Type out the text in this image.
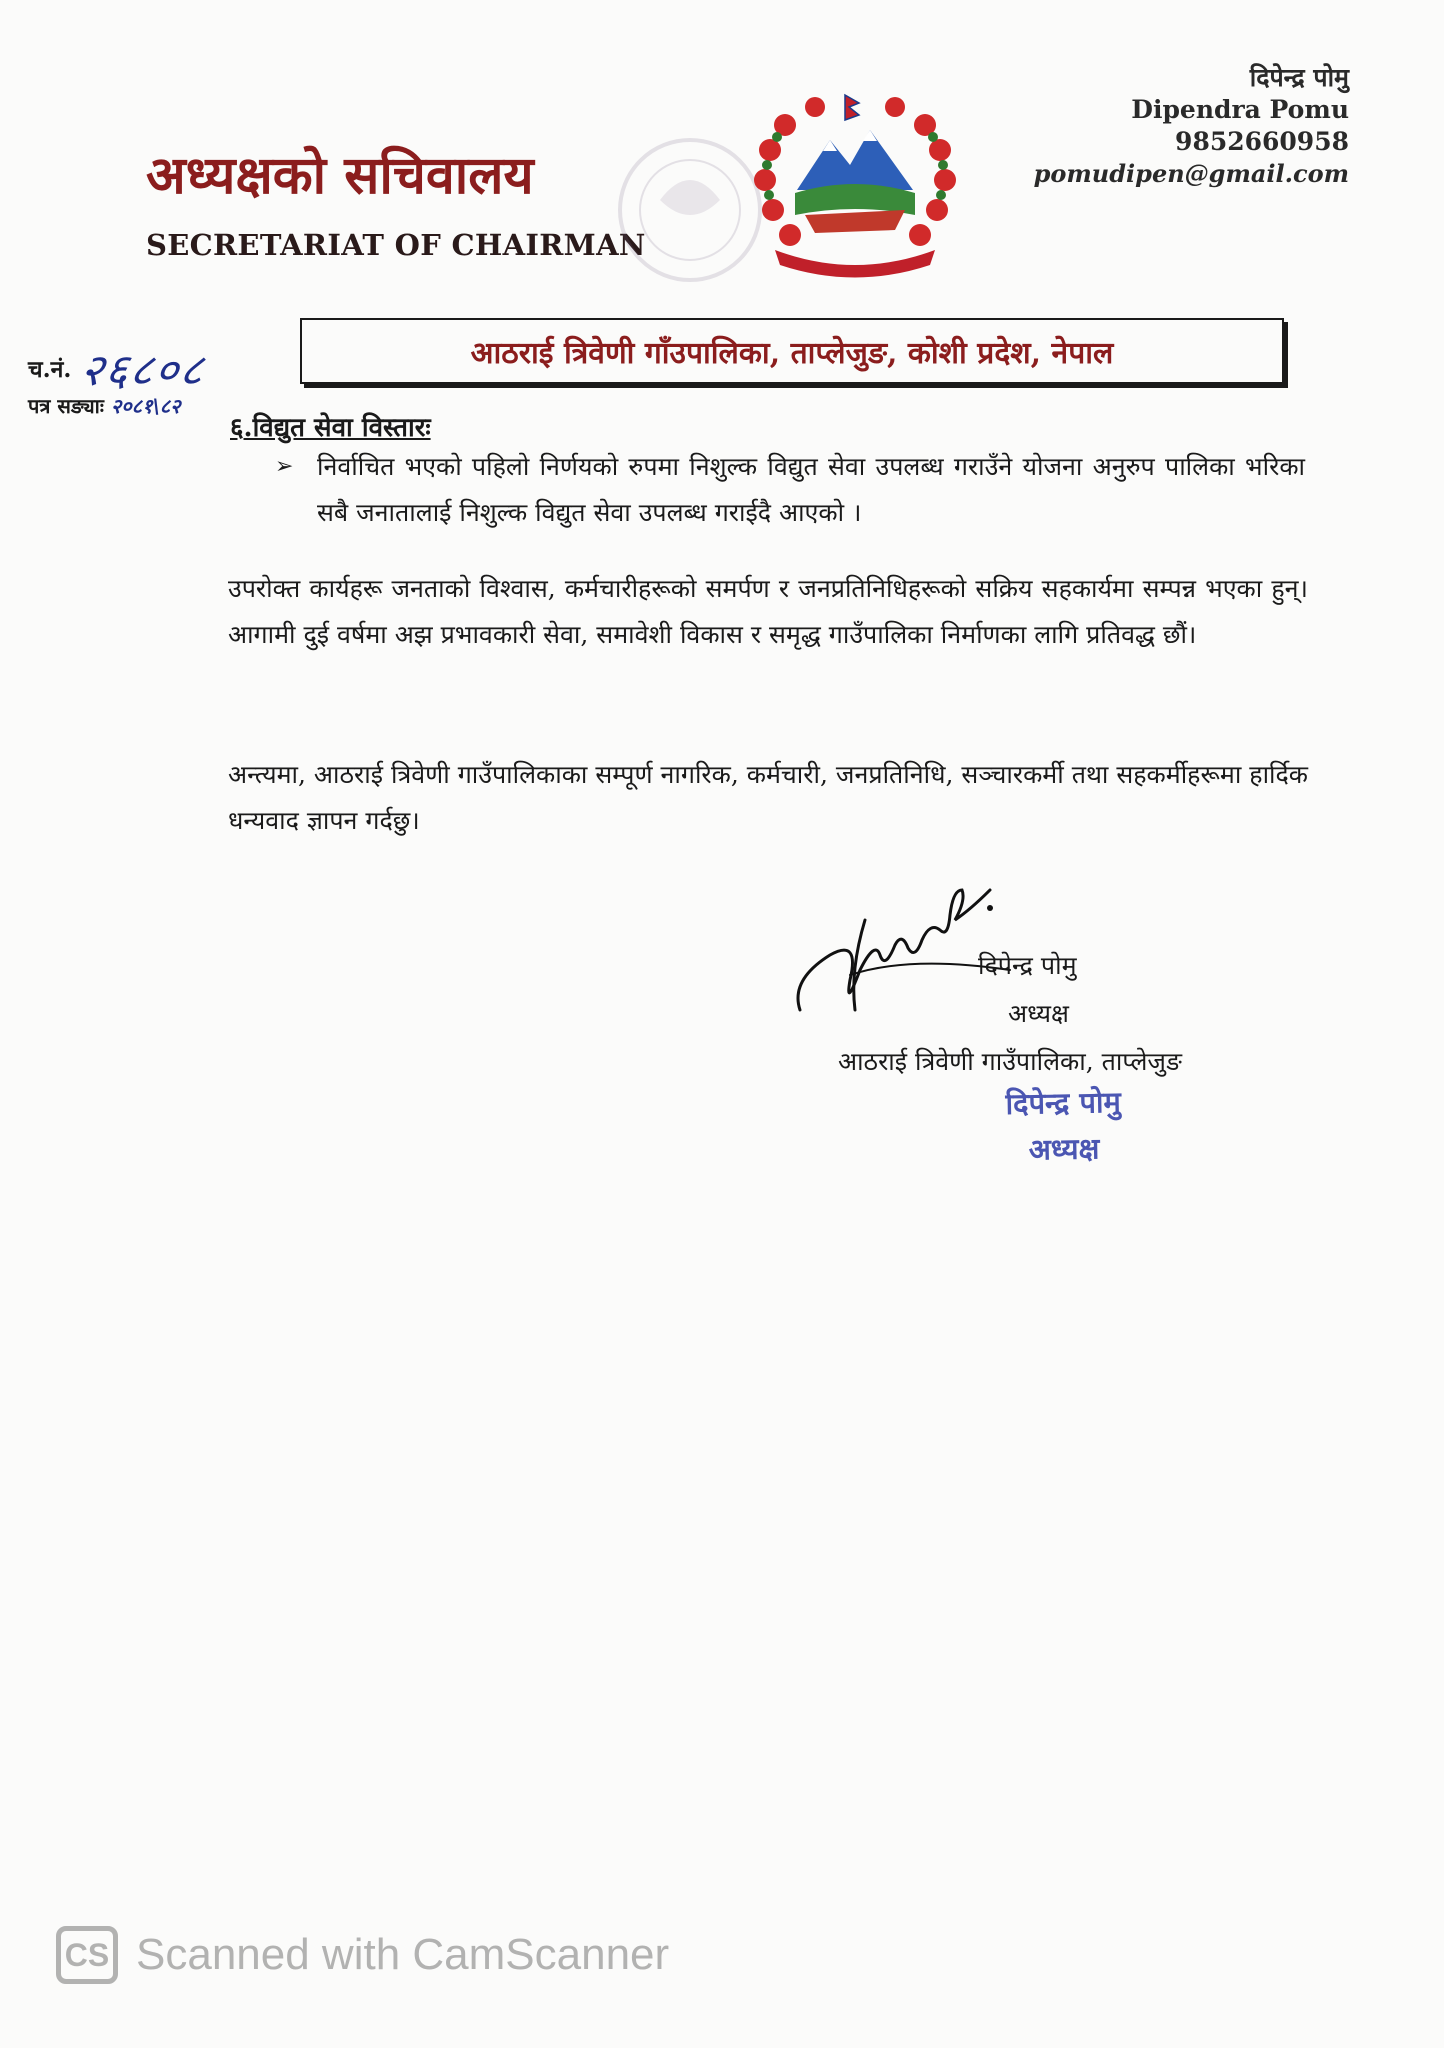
अध्यक्षको सचिवालय
SECRETARIAT OF CHAIRMAN
दिपेन्द्र पोमु
Dipendra Pomu
9852660958
pomudipen@gmail.com
च.नं. २६८०८
पत्र सङ्याः २०८१\८२
आठराई त्रिवेणी गाँउपालिका, ताप्लेजुङ, कोशी प्रदेश, नेपाल
६.विद्युत सेवा विस्तारः
➢ निर्वाचित भएको पहिलो निर्णयको रुपमा निशुल्क विद्युत सेवा उपलब्ध गराउँने योजना अनुरुप पालिका भरिका सबै जनातालाई निशुल्क विद्युत सेवा उपलब्ध गराईदै आएको ।
उपरोक्त कार्यहरू जनताको विश्वास, कर्मचारीहरूको समर्पण र जनप्रतिनिधिहरूको सक्रिय सहकार्यमा सम्पन्न भएका हुन्। आगामी दुई वर्षमा अझ प्रभावकारी सेवा, समावेशी विकास र समृद्ध गाउँपालिका निर्माणका लागि प्रतिवद्ध छौं।
अन्त्यमा, आठराई त्रिवेणी गाउँपालिकाका सम्पूर्ण नागरिक, कर्मचारी, जनप्रतिनिधि, सञ्चारकर्मी तथा सहकर्मीहरूमा हार्दिक धन्यवाद ज्ञापन गर्दछु।
दिपेन्द्र पोमु
अध्यक्ष
आठराई त्रिवेणी गाउँपालिका, ताप्लेजुङ
दिपेन्द्र पोमु
अध्यक्ष
CS Scanned with CamScanner
